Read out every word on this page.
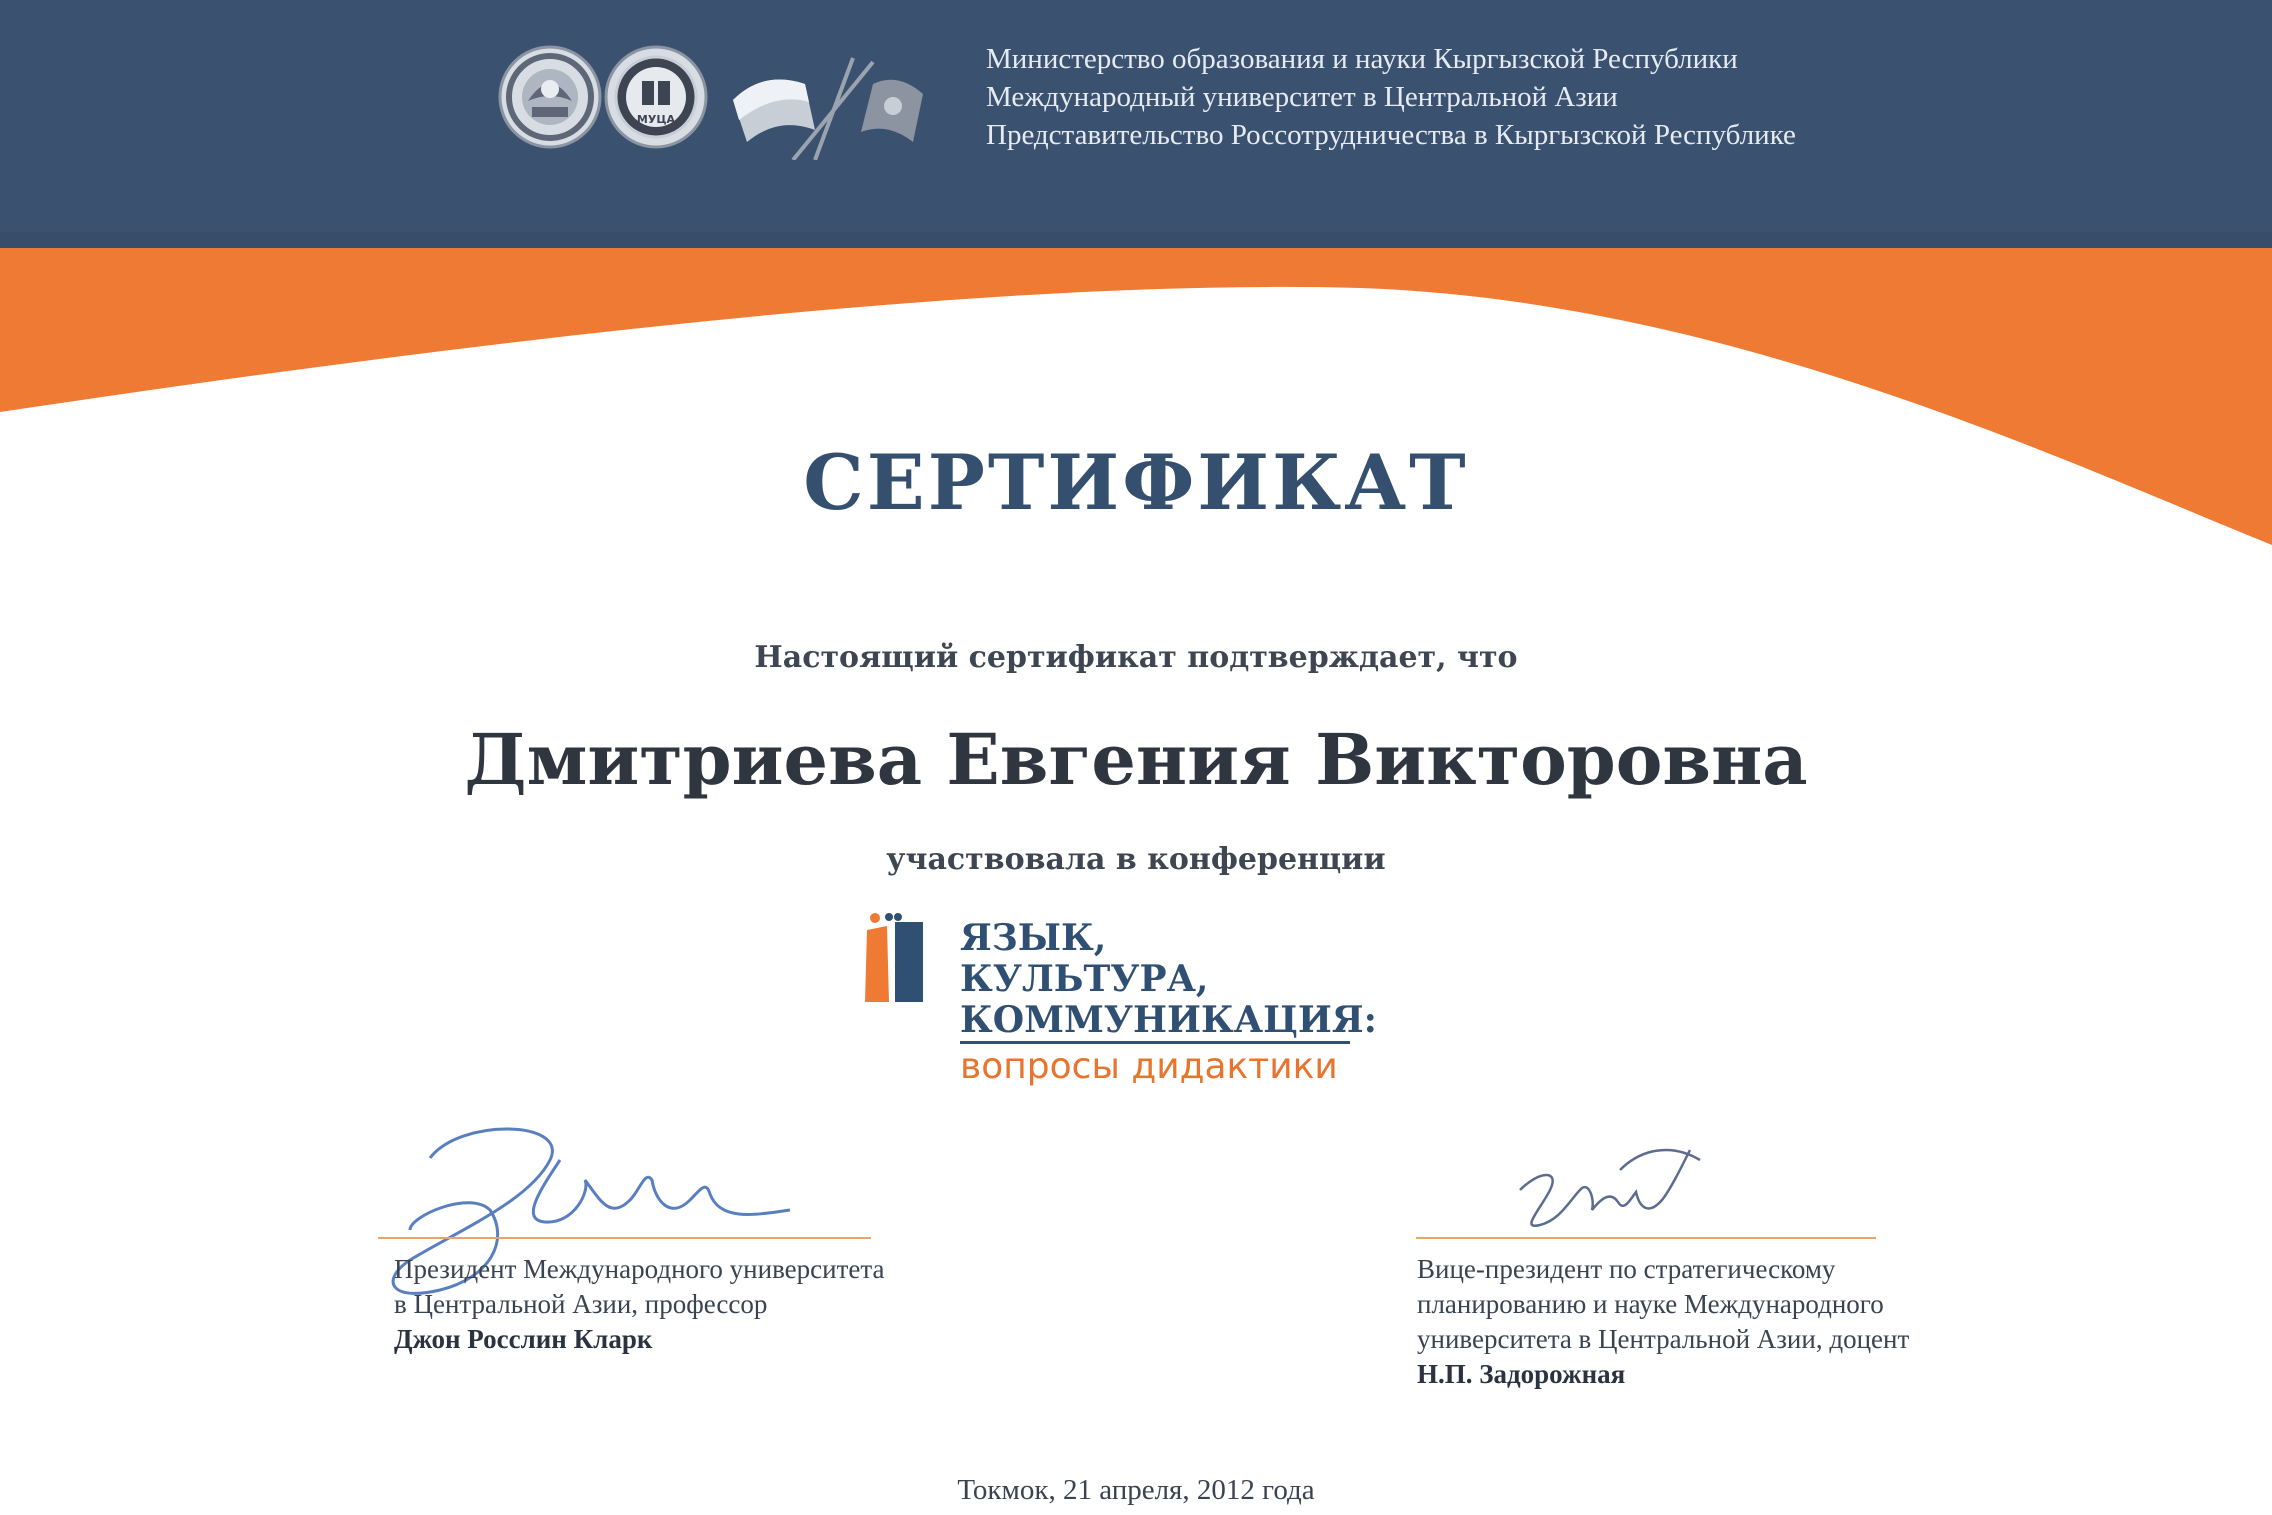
МУЦА
Министерство образования и науки Кыргызской Республики
Международный университет в Центральной Азии
Представительство Россотрудничества в Кыргызской Республике
СЕРТИФИКАТ
Настоящий сертификат подтверждает, что
Дмитриева Евгения Викторовна
участвовала в конференции
ЯЗЫК,
КУЛЬТУРА,
КОММУНИКАЦИЯ:
вопросы дидактики
Президент Международного университета
в Центральной Азии, профессор
Джон Росслин Кларк
Вице-президент по стратегическому
планированию и науке Международного
университета в Центральной Азии, доцент
Н.П. Задорожная
Токмок, 21 апреля, 2012 года
